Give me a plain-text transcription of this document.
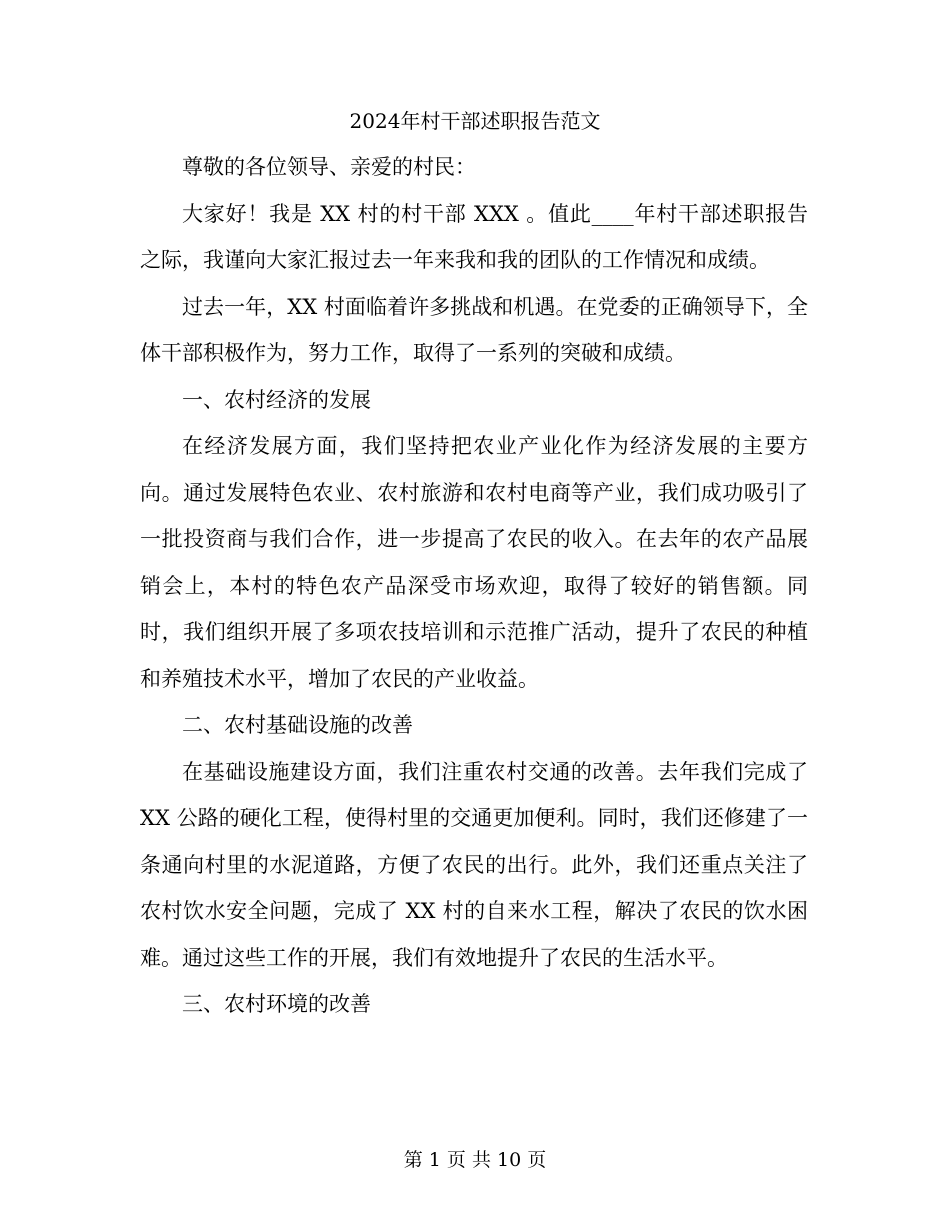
2024年村干部述职报告范文

尊敬的各位领导、亲爱的村民：

大家好！我是 XX 村的村干部 XXX 。值此____年村干部述职报告之际，我谨向大家汇报过去一年来我和我的团队的工作情况和成绩。

过去一年，XX 村面临着许多挑战和机遇。在党委的正确领导下，全体干部积极作为，努力工作，取得了一系列的突破和成绩。

一、农村经济的发展

在经济发展方面，我们坚持把农业产业化作为经济发展的主要方向。通过发展特色农业、农村旅游和农村电商等产业，我们成功吸引了一批投资商与我们合作，进一步提高了农民的收入。在去年的农产品展销会上，本村的特色农产品深受市场欢迎，取得了较好的销售额。同时，我们组织开展了多项农技培训和示范推广活动，提升了农民的种植和养殖技术水平，增加了农民的产业收益。

二、农村基础设施的改善

在基础设施建设方面，我们注重农村交通的改善。去年我们完成了 XX 公路的硬化工程，使得村里的交通更加便利。同时，我们还修建了一条通向村里的水泥道路，方便了农民的出行。此外，我们还重点关注了农村饮水安全问题，完成了 XX 村的自来水工程，解决了农民的饮水困难。通过这些工作的开展，我们有效地提升了农民的生活水平。

三、农村环境的改善

第 1 页 共 10 页
